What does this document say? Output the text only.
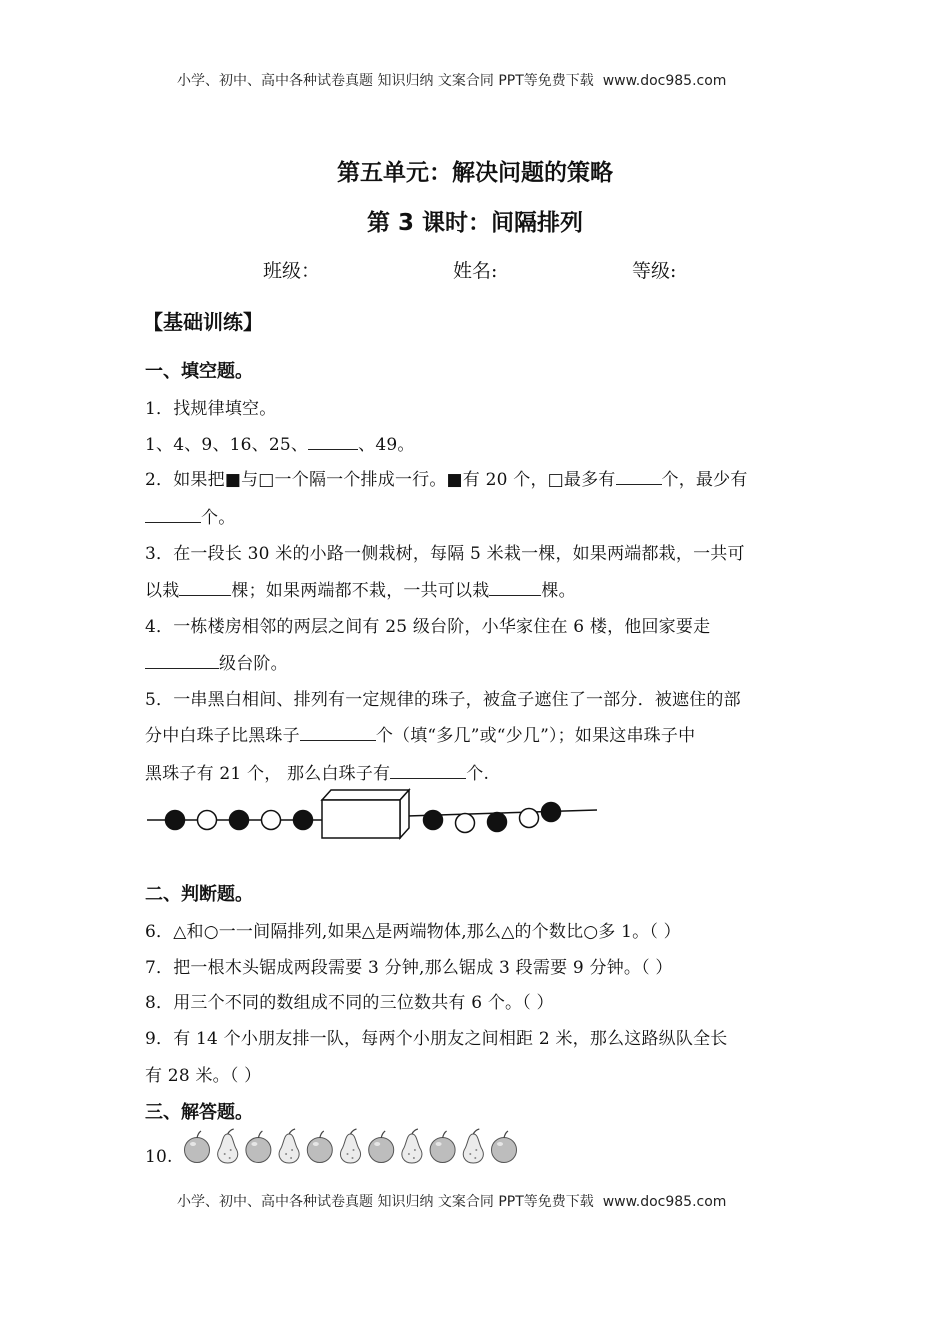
小学、初中、高中各种试卷真题 知识归纳 文案合同 PPT等免费下载 www.doc985.com
第五单元：解决问题的策略
第 3 课时：间隔排列
班级：	姓名:	等级:
【基础训练】
一、填空题。
1．找规律填空。
1、4、9、16、25、	、49。
2．如果把■与□一个隔一个排成一行。■有 20 个，□最多有	个，最少有
个。
3．在一段长 30 米的小路一侧栽树，每隔 5 米栽一棵，如果两端都栽，一共可
以栽	棵；如果两端都不栽，一共可以栽	棵。
4．一栋楼房相邻的两层之间有 25 级台阶，小华家住在 6 楼，他回家要走
级台阶。
5．一串黑白相间、排列有一定规律的珠子，被盒子遮住了一部分．被遮住的部
分中白珠子比黑珠子	个（填“多几”或“少几”）；如果这串珠子中
黑珠子有 21 个， 那么白珠子有	个.
二、判断题。
6．△和○一一间隔排列,如果△是两端物体,那么△的个数比○多 1。（ ）
7．把一根木头锯成两段需要 3 分钟,那么锯成 3 段需要 9 分钟。（ ）
8．用三个不同的数组成不同的三位数共有 6 个。（ ）
9．有 14 个小朋友排一队，每两个小朋友之间相距 2 米，那么这路纵队全长
有 28 米。（ ）
三、解答题。
10.
小学、初中、高中各种试卷真题 知识归纳 文案合同 PPT等免费下载 www.doc985.com
